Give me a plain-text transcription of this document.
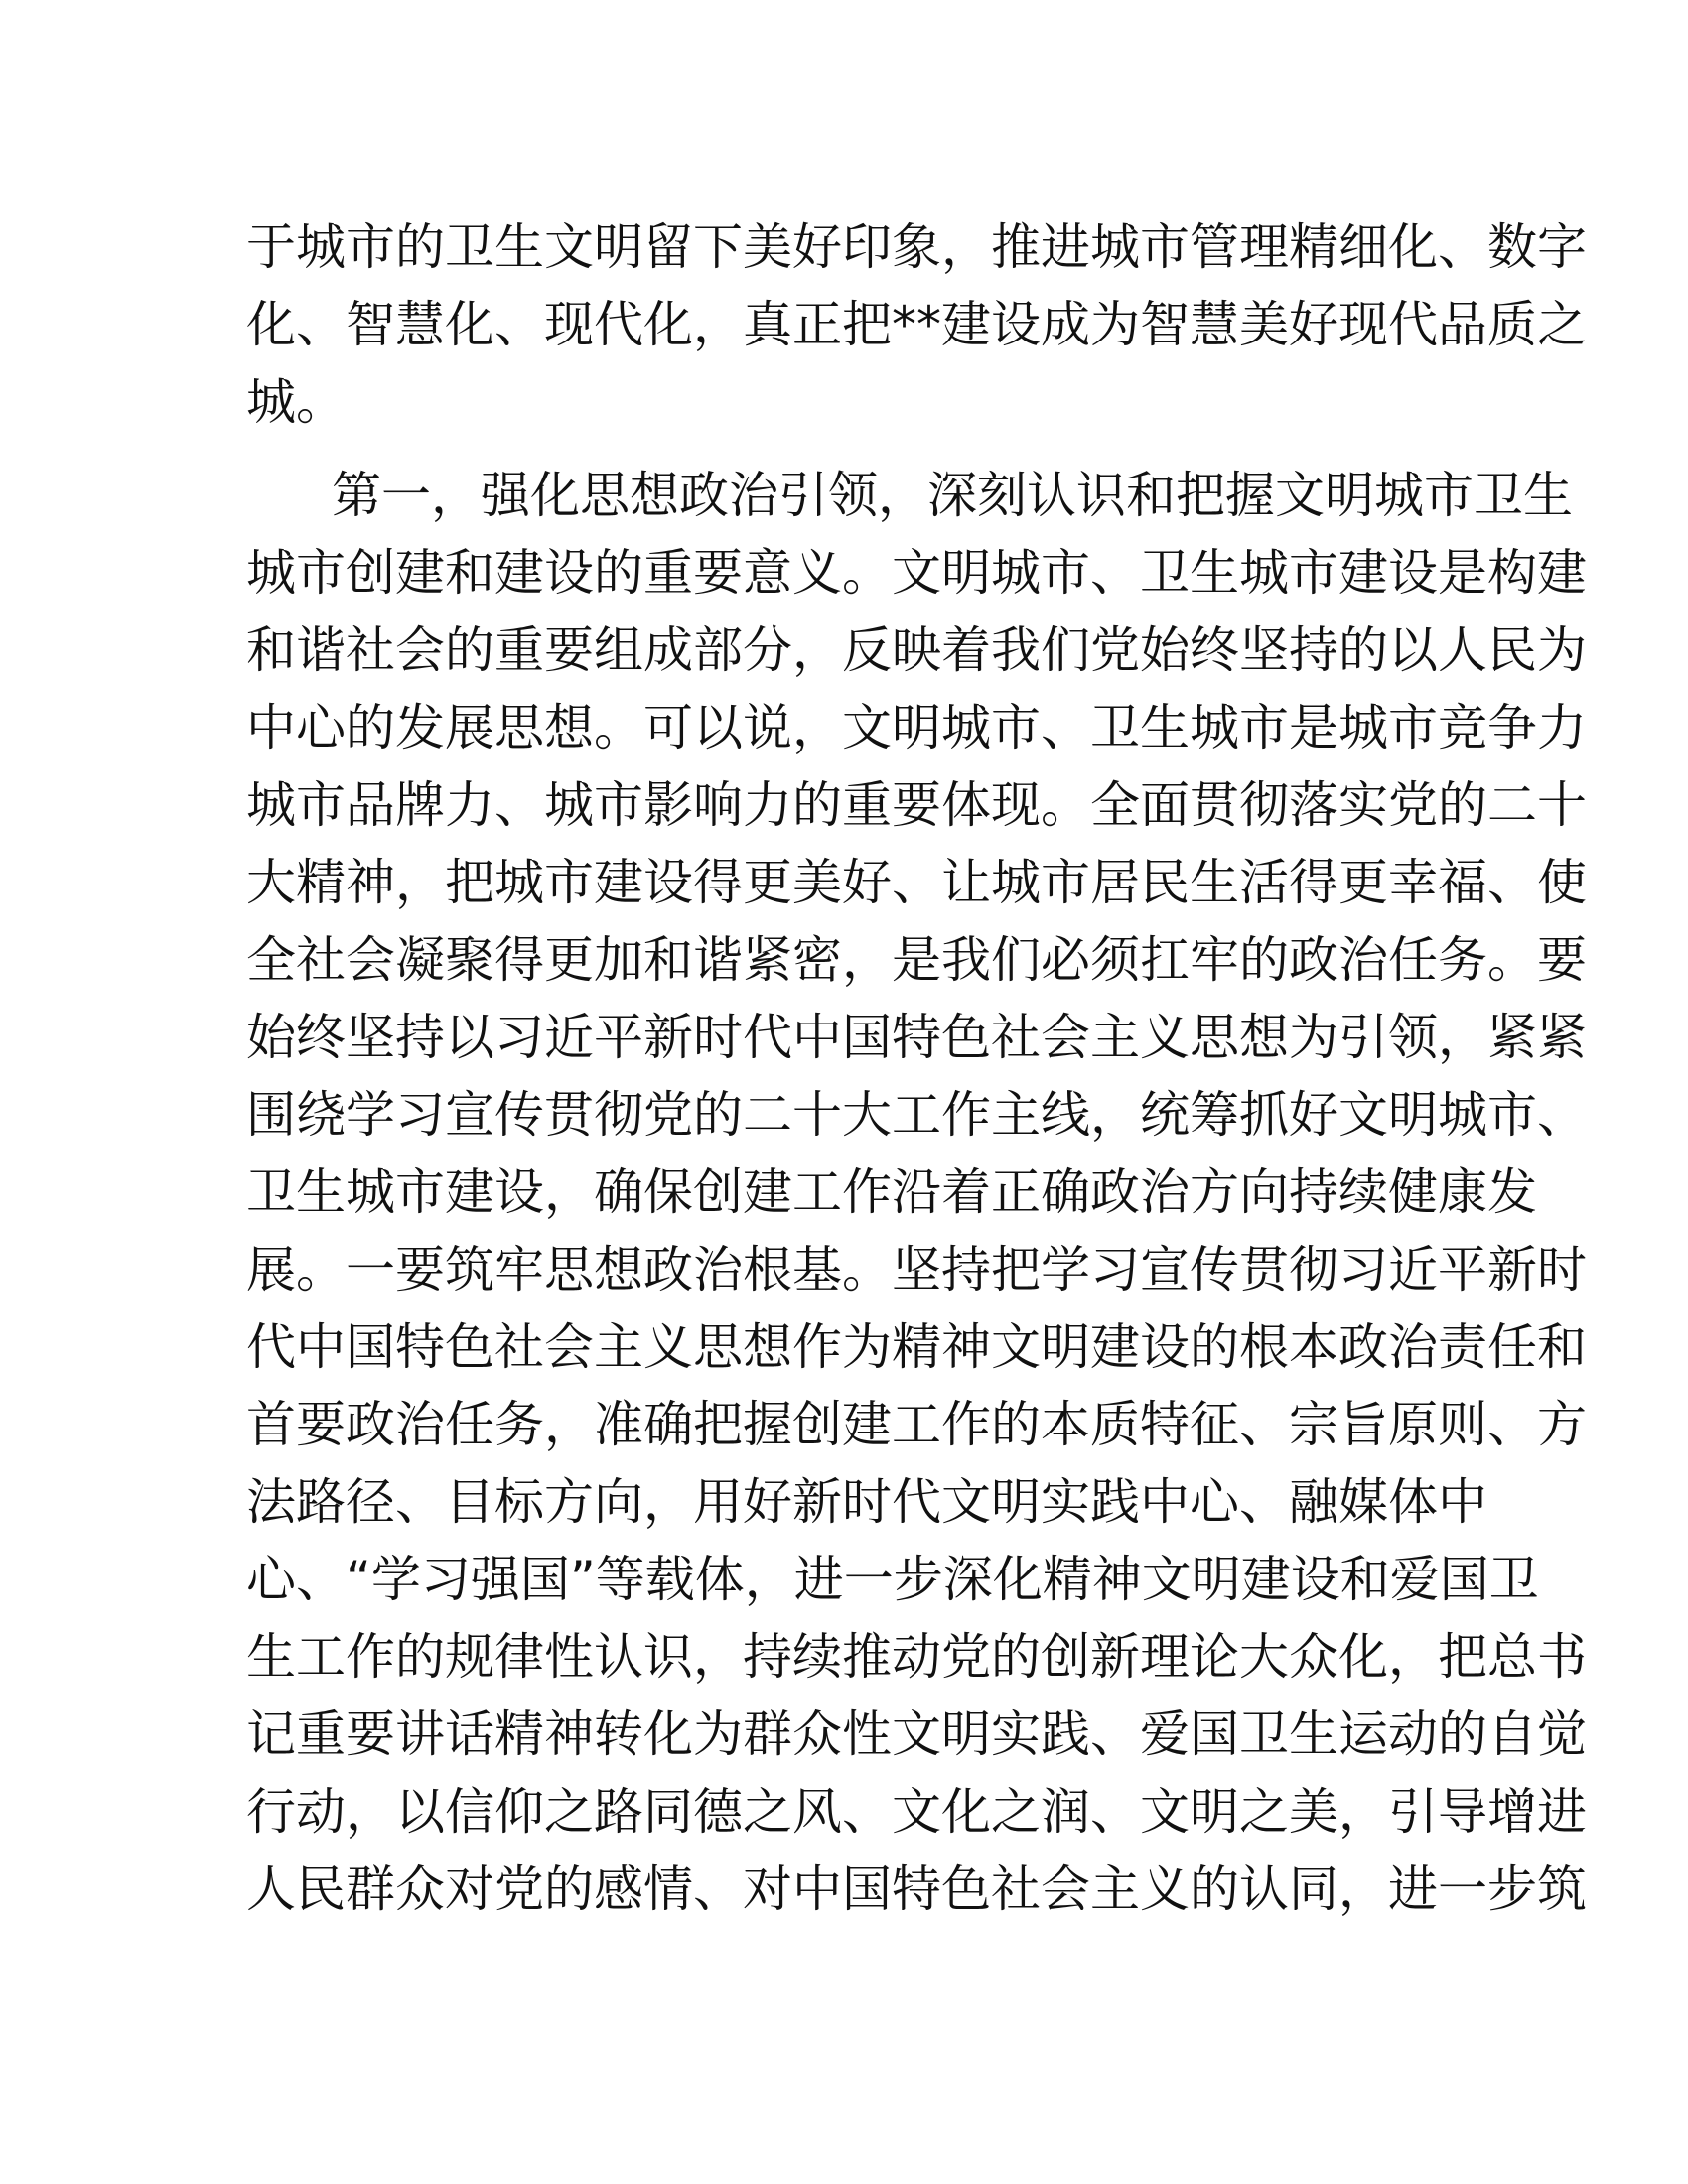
于城市的卫生文明留下美好印象，推进城市管理精细化、数字
化、智慧化、现代化，真正把**建设成为智慧美好现代品质之
城。
第一，强化思想政治引领，深刻认识和把握文明城市卫生
城市创建和建设的重要意义。文明城市、卫生城市建设是构建
和谐社会的重要组成部分，反映着我们党始终坚持的以人民为
中心的发展思想。可以说，文明城市、卫生城市是城市竞争力
城市品牌力、城市影响力的重要体现。全面贯彻落实党的二十
大精神，把城市建设得更美好、让城市居民生活得更幸福、使
全社会凝聚得更加和谐紧密，是我们必须扛牢的政治任务。要
始终坚持以习近平新时代中国特色社会主义思想为引领，紧紧
围绕学习宣传贯彻党的二十大工作主线，统筹抓好文明城市、
卫生城市建设，确保创建工作沿着正确政治方向持续健康发
展。一要筑牢思想政治根基。坚持把学习宣传贯彻习近平新时
代中国特色社会主义思想作为精神文明建设的根本政治责任和
首要政治任务，准确把握创建工作的本质特征、宗旨原则、方
法路径、目标方向，用好新时代文明实践中心、融媒体中
心、“学习强国”等载体，进一步深化精神文明建设和爱国卫
生工作的规律性认识，持续推动党的创新理论大众化，把总书
记重要讲话精神转化为群众性文明实践、爱国卫生运动的自觉
行动，以信仰之路同德之风、文化之润、文明之美，引导增进
人民群众对党的感情、对中国特色社会主义的认同，进一步筑
